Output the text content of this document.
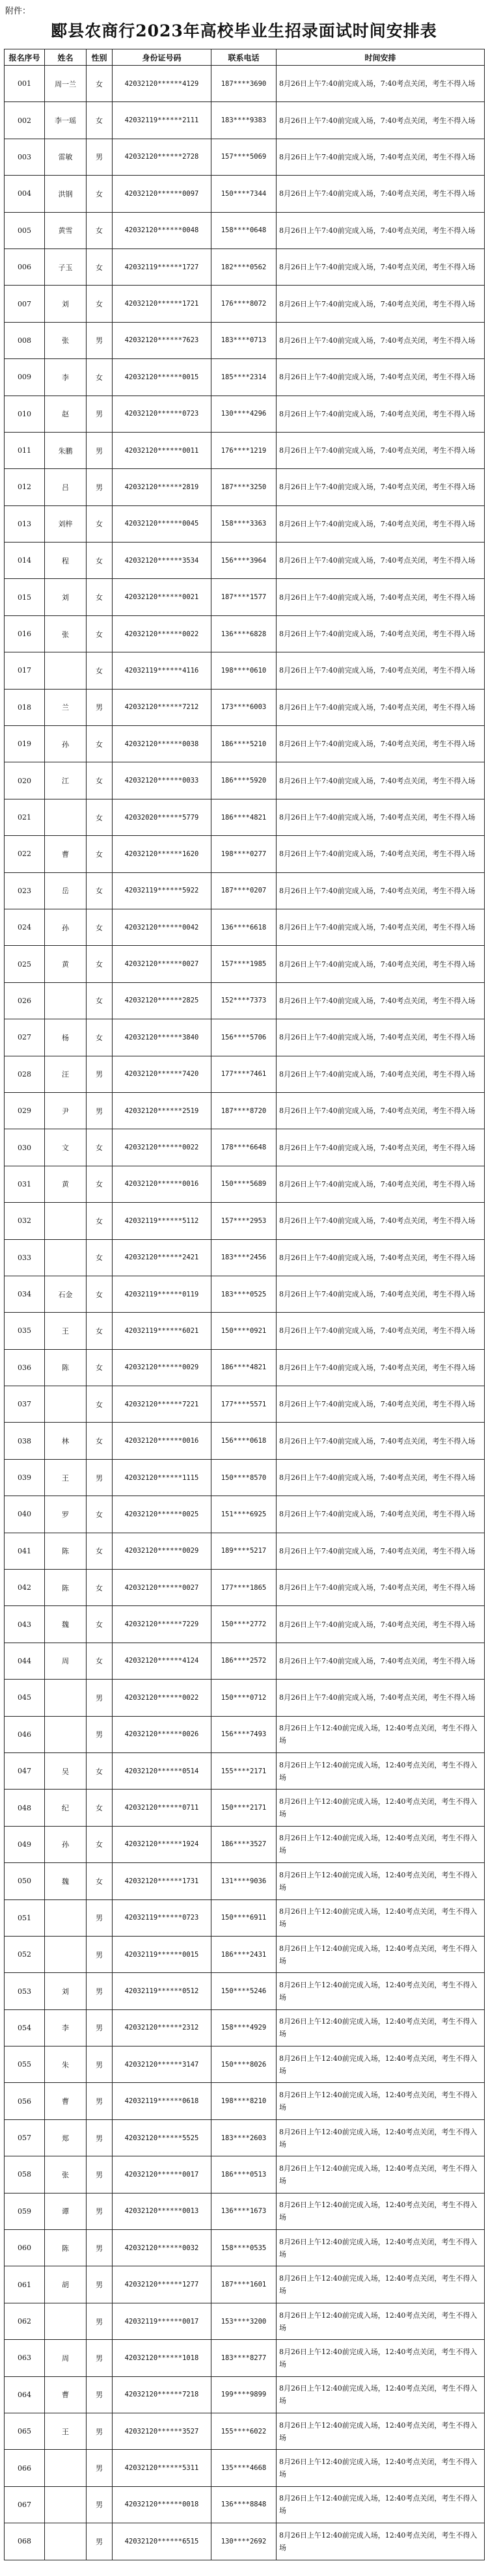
附件：
郾县农商行2023年高校毕业生招录面试时间安排表
报名序号	姓名	性别	身份证号码	联系电话	时间安排
001	周一兰	女	42032120******4129	187****3690	8月26日上午7:40前完成入场，7:40考点关闭，考生不得入场
002	李一瑶	女	42032119******2111	183****9383	8月26日上午7:40前完成入场，7:40考点关闭，考生不得入场
003	雷敏	男	42032120******2728	157****5069	8月26日上午7:40前完成入场，7:40考点关闭，考生不得入场
004	洪钢	女	42032120******0097	150****7344	8月26日上午7:40前完成入场，7:40考点关闭，考生不得入场
005	黄雪	女	42032120******0048	158****0648	8月26日上午7:40前完成入场，7:40考点关闭，考生不得入场
006	子玉	女	42032119******1727	182****0562	8月26日上午7:40前完成入场，7:40考点关闭，考生不得入场
007	刘	女	42032120******1721	176****8072	8月26日上午7:40前完成入场，7:40考点关闭，考生不得入场
008	张	男	42032120******7623	183****0713	8月26日上午7:40前完成入场，7:40考点关闭，考生不得入场
009	李	女	42032120******0015	185****2314	8月26日上午7:40前完成入场，7:40考点关闭，考生不得入场
010	赵	男	42032120******0723	130****4296	8月26日上午7:40前完成入场，7:40考点关闭，考生不得入场
011	朱鹏	男	42032120******0011	176****1219	8月26日上午7:40前完成入场，7:40考点关闭，考生不得入场
012	吕	男	42032120******2819	187****3250	8月26日上午7:40前完成入场，7:40考点关闭，考生不得入场
013	刘梓	女	42032120******0045	158****3363	8月26日上午7:40前完成入场，7:40考点关闭，考生不得入场
014	程	女	42032120******3534	156****3964	8月26日上午7:40前完成入场，7:40考点关闭，考生不得入场
015	刘	女	42032120******0021	187****1577	8月26日上午7:40前完成入场，7:40考点关闭，考生不得入场
016	张	女	42032120******0022	136****6828	8月26日上午7:40前完成入场，7:40考点关闭，考生不得入场
017		女	42032119******4116	198****0610	8月26日上午7:40前完成入场，7:40考点关闭，考生不得入场
018	兰	男	42032120******7212	173****6003	8月26日上午7:40前完成入场，7:40考点关闭，考生不得入场
019	孙	女	42032120******0038	186****5210	8月26日上午7:40前完成入场，7:40考点关闭，考生不得入场
020	江	女	42032120******0033	186****5920	8月26日上午7:40前完成入场，7:40考点关闭，考生不得入场
021		女	42032020******5779	186****4821	8月26日上午7:40前完成入场，7:40考点关闭，考生不得入场
022	曹	女	42032120******1620	198****0277	8月26日上午7:40前完成入场，7:40考点关闭，考生不得入场
023	岳	女	42032119******5922	187****0207	8月26日上午7:40前完成入场，7:40考点关闭，考生不得入场
024	孙	女	42032120******0042	136****6618	8月26日上午7:40前完成入场，7:40考点关闭，考生不得入场
025	黄	女	42032120******0027	157****1985	8月26日上午7:40前完成入场，7:40考点关闭，考生不得入场
026		女	42032120******2825	152****7373	8月26日上午7:40前完成入场，7:40考点关闭，考生不得入场
027	杨	女	42032120******3840	156****5706	8月26日上午7:40前完成入场，7:40考点关闭，考生不得入场
028	汪	男	42032120******7420	177****7461	8月26日上午7:40前完成入场，7:40考点关闭，考生不得入场
029	尹	男	42032120******2519	187****8720	8月26日上午7:40前完成入场，7:40考点关闭，考生不得入场
030	文	女	42032120******0022	178****6648	8月26日上午7:40前完成入场，7:40考点关闭，考生不得入场
031	黄	女	42032120******0016	150****5689	8月26日上午7:40前完成入场，7:40考点关闭，考生不得入场
032		女	42032119******5112	157****2953	8月26日上午7:40前完成入场，7:40考点关闭，考生不得入场
033		女	42032120******2421	183****2456	8月26日上午7:40前完成入场，7:40考点关闭，考生不得入场
034	石金	女	42032119******0119	183****0525	8月26日上午7:40前完成入场，7:40考点关闭，考生不得入场
035	王	女	42032119******6021	150****0921	8月26日上午7:40前完成入场，7:40考点关闭，考生不得入场
036	陈	女	42032120******0029	186****4821	8月26日上午7:40前完成入场，7:40考点关闭，考生不得入场
037		女	42032120******7221	177****5571	8月26日上午7:40前完成入场，7:40考点关闭，考生不得入场
038	林	女	42032120******0016	156****0618	8月26日上午7:40前完成入场，7:40考点关闭，考生不得入场
039	王	男	42032120******1115	150****8570	8月26日上午7:40前完成入场，7:40考点关闭，考生不得入场
040	罗	女	42032120******0025	151****6925	8月26日上午7:40前完成入场，7:40考点关闭，考生不得入场
041	陈	女	42032120******0029	189****5217	8月26日上午7:40前完成入场，7:40考点关闭，考生不得入场
042	陈	女	42032120******0027	177****1865	8月26日上午7:40前完成入场，7:40考点关闭，考生不得入场
043	魏	女	42032120******7229	150****2772	8月26日上午7:40前完成入场，7:40考点关闭，考生不得入场
044	周	女	42032120******4124	186****2572	8月26日上午7:40前完成入场，7:40考点关闭，考生不得入场
045		男	42032120******0022	150****0712	8月26日上午7:40前完成入场，7:40考点关闭，考生不得入场
046		男	42032120******0026	156****7493	8月26日上午12:40前完成入场，12:40考点关闭，考生不得入场
047	吴	女	42032120******0514	155****2171	8月26日上午12:40前完成入场，12:40考点关闭，考生不得入场
048	纪	女	42032120******0711	150****2171	8月26日上午12:40前完成入场，12:40考点关闭，考生不得入场
049	孙	女	42032120******1924	186****3527	8月26日上午12:40前完成入场，12:40考点关闭，考生不得入场
050	魏	女	42032120******1731	131****9036	8月26日上午12:40前完成入场，12:40考点关闭，考生不得入场
051		男	42032119******0723	150****6911	8月26日上午12:40前完成入场，12:40考点关闭，考生不得入场
052		男	42032119******0015	186****2431	8月26日上午12:40前完成入场，12:40考点关闭，考生不得入场
053	刘	男	42032119******0512	150****5246	8月26日上午12:40前完成入场，12:40考点关闭，考生不得入场
054	李	男	42032120******2312	158****4929	8月26日上午12:40前完成入场，12:40考点关闭，考生不得入场
055	朱	男	42032120******3147	150****8026	8月26日上午12:40前完成入场，12:40考点关闭，考生不得入场
056	曹	男	42032119******0618	198****8210	8月26日上午12:40前完成入场，12:40考点关闭，考生不得入场
057	郑	男	42032120******5525	183****2603	8月26日上午12:40前完成入场，12:40考点关闭，考生不得入场
058	张	男	42032120******0017	186****0513	8月26日上午12:40前完成入场，12:40考点关闭，考生不得入场
059	谭	男	42032120******0013	136****1673	8月26日上午12:40前完成入场，12:40考点关闭，考生不得入场
060	陈	男	42032120******0032	158****0535	8月26日上午12:40前完成入场，12:40考点关闭，考生不得入场
061	胡	男	42032120******1277	187****1601	8月26日上午12:40前完成入场，12:40考点关闭，考生不得入场
062		男	42032119******0017	153****3200	8月26日上午12:40前完成入场，12:40考点关闭，考生不得入场
063	周	男	42032120******1018	183****8277	8月26日上午12:40前完成入场，12:40考点关闭，考生不得入场
064	曹	男	42032120******7218	199****9899	8月26日上午12:40前完成入场，12:40考点关闭，考生不得入场
065	王	男	42032120******3527	155****6022	8月26日上午12:40前完成入场，12:40考点关闭，考生不得入场
066		男	42032120******5311	135****4668	8月26日上午12:40前完成入场，12:40考点关闭，考生不得入场
067		男	42032120******0018	136****8848	8月26日上午12:40前完成入场，12:40考点关闭，考生不得入场
068		男	42032120******6515	130****2692	8月26日上午12:40前完成入场，12:40考点关闭，考生不得入场
